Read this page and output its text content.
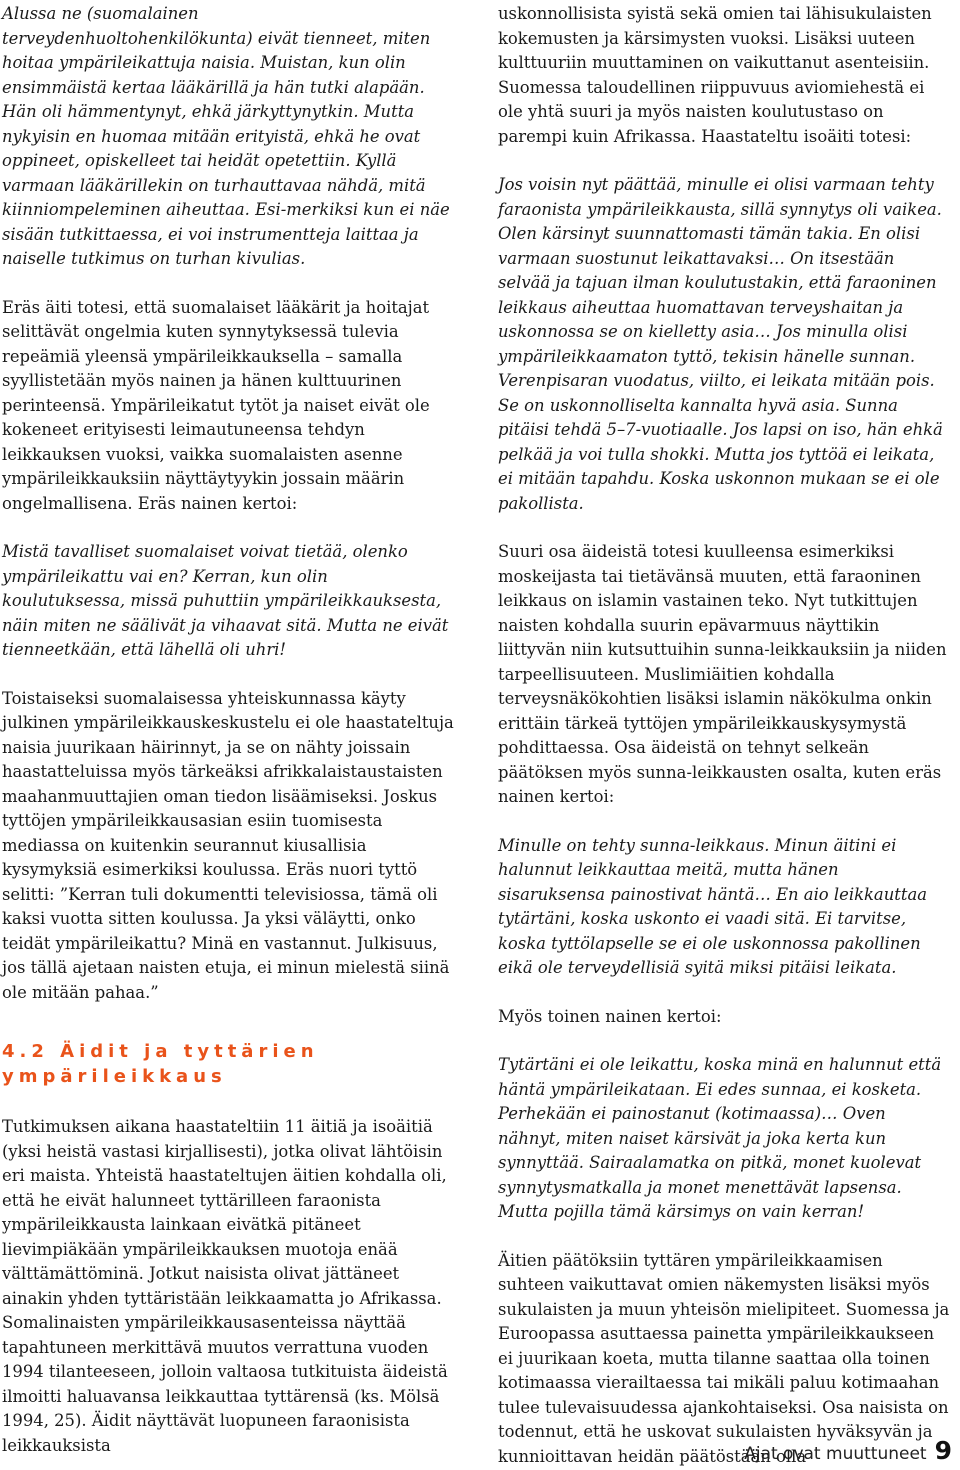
Alussa ne (suomalainen terveydenhuoltohenkilökunta) eivät tienneet, miten hoitaa ympärileikattuja naisia. Muistan, kun olin ensimmäistä kertaa lääkärillä ja hän tutki alapään. Hän oli hämmentynyt, ehkä järkyttynytkin. Mutta nykyisin en huomaa mitään erityistä, ehkä he ovat oppineet, opiskelleet tai heidät opetettiin. Kyllä varmaan lääkärillekin on turhauttavaa nähdä, mitä kiinniompeleminen aiheuttaa. Esi-merkiksi kun ei näe sisään tutkittaessa, ei voi instrumentteja laittaa ja naiselle tutkimus on turhan kivulias.

Eräs äiti totesi, että suomalaiset lääkärit ja hoitajat selittävät ongelmia kuten synnytyksessä tulevia repeämiä yleensä ympärileikkauksella – samalla syyllistetään myös nainen ja hänen kulttuurinen perinteensä. Ympärileikatut tytöt ja naiset eivät ole kokeneet erityisesti leimautuneensa tehdyn leikkauksen vuoksi, vaikka suomalaisten asenne ympärileikkauksiin näyttäytyykin jossain määrin ongelmallisena. Eräs nainen kertoi:

Mistä tavalliset suomalaiset voivat tietää, olenko ympärileikattu vai en? Kerran, kun olin koulutuksessa, missä puhuttiin ympärileikkauksesta, näin miten ne säälivät ja vihaavat sitä. Mutta ne eivät tienneetkään, että lähellä oli uhri!

Toistaiseksi suomalaisessa yhteiskunnassa käyty julkinen ympärileikkauskeskustelu ei ole haastateltuja naisia juurikaan häirinnyt, ja se on nähty joissain haastatteluissa myös tärkeäksi afrikkalaistaustaisten maahanmuuttajien oman tiedon lisäämiseksi. Joskus tyttöjen ympärileikkausasian esiin tuomisesta mediassa on kuitenkin seurannut kiusallisia kysymyksiä esimerkiksi koulussa. Eräs nuori tyttö selitti: ”Kerran tuli dokumentti televisiossa, tämä oli kaksi vuotta sitten koulussa. Ja yksi väläytti, onko teidät ympärileikattu? Minä en vastannut. Julkisuus, jos tällä ajetaan naisten etuja, ei minun mielestä siinä ole mitään pahaa.”

4.2 Äidit ja tyttärien ympärileikkaus

Tutkimuksen aikana haastateltiin 11 äitiä ja isoäitiä (yksi heistä vastasi kirjallisesti), jotka olivat lähtöisin eri maista. Yhteistä haastateltujen äitien kohdalla oli, että he eivät halunneet tyttärilleen faraonista ympärileikkausta lainkaan eivätkä pitäneet lievimpiäkään ympärileikkauksen muotoja enää välttämättöminä. Jotkut naisista olivat jättäneet ainakin yhden tyttäristään leikkaamatta jo Afrikassa. Somalinaisten ympärileikkausasenteissa näyttää tapahtuneen merkittävä muutos verrattuna vuoden 1994 tilanteeseen, jolloin valtaosa tutkituista äideistä ilmoitti haluavansa leikkauttaa tyttärensä (ks. Mölsä 1994, 25). Äidit näyttävät luopuneen faraonisista leikkauksista

uskonnollisista syistä sekä omien tai lähisukulaisten kokemusten ja kärsimysten vuoksi. Lisäksi uuteen kulttuuriin muuttaminen on vaikuttanut asenteisiin. Suomessa taloudellinen riippuvuus aviomiehestä ei ole yhtä suuri ja myös naisten koulutustaso on parempi kuin Afrikassa. Haastateltu isoäiti totesi:

Jos voisin nyt päättää, minulle ei olisi varmaan tehty faraonista ympärileikkausta, sillä synnytys oli vaikea. Olen kärsinyt suunnattomasti tämän takia. En olisi varmaan suostunut leikattavaksi… On itsestään selvää ja tajuan ilman koulutustakin, että faraoninen leikkaus aiheuttaa huomattavan terveyshaitan ja uskonnossa se on kielletty asia… Jos minulla olisi ympärileikkaamaton tyttö, tekisin hänelle sunnan. Verenpisaran vuodatus, viilto, ei leikata mitään pois. Se on uskonnolliselta kannalta hyvä asia. Sunna pitäisi tehdä 5–7-vuotiaalle. Jos lapsi on iso, hän ehkä pelkää ja voi tulla shokki. Mutta jos tyttöä ei leikata, ei mitään tapahdu. Koska uskonnon mukaan se ei ole pakollista.

Suuri osa äideistä totesi kuulleensa esimerkiksi moskeijasta tai tietävänsä muuten, että faraoninen leikkaus on islamin vastainen teko. Nyt tutkittujen naisten kohdalla suurin epävarmuus näyttikin liittyvän niin kutsuttuihin sunna-leikkauksiin ja niiden tarpeellisuuteen. Muslimiäitien kohdalla terveysnäkökohtien lisäksi islamin näkökulma onkin erittäin tärkeä tyttöjen ympärileikkauskysymystä pohdittaessa. Osa äideistä on tehnyt selkeän päätöksen myös sunna-leikkausten osalta, kuten eräs nainen kertoi:

Minulle on tehty sunna-leikkaus. Minun äitini ei halunnut leikkauttaa meitä, mutta hänen sisaruksensa painostivat häntä… En aio leikkauttaa tytärtäni, koska uskonto ei vaadi sitä. Ei tarvitse, koska tyttölapselle se ei ole uskonnossa pakollinen eikä ole terveydellisiä syitä miksi pitäisi leikata.

Myös toinen nainen kertoi:

Tytärtäni ei ole leikattu, koska minä en halunnut että häntä ympärileikataan. Ei edes sunnaa, ei kosketa. Perhekään ei painostanut (kotimaassa)… Oven nähnyt, miten naiset kärsivät ja joka kerta kun synnyttää. Sairaalamatka on pitkä, monet kuolevat synnytysmatkalla ja monet menettävät lapsensa. Mutta pojilla tämä kärsimys on vain kerran!

Äitien päätöksiin tyttären ympärileikkaamisen suhteen vaikuttavat omien näkemysten lisäksi myös sukulaisten ja muun yhteisön mielipiteet. Suomessa ja Euroopassa asuttaessa painetta ympärileikkaukseen ei juurikaan koeta, mutta tilanne saattaa olla toinen kotimaassa vierailtaessa tai mikäli paluu kotimaahan tulee tulevaisuudessa ajankohtaiseksi. Osa naisista on todennut, että he uskovat sukulaisten hyväksyvän ja kunnioittavan heidän päätöstään olla

Ajat ovat muuttuneet 9
